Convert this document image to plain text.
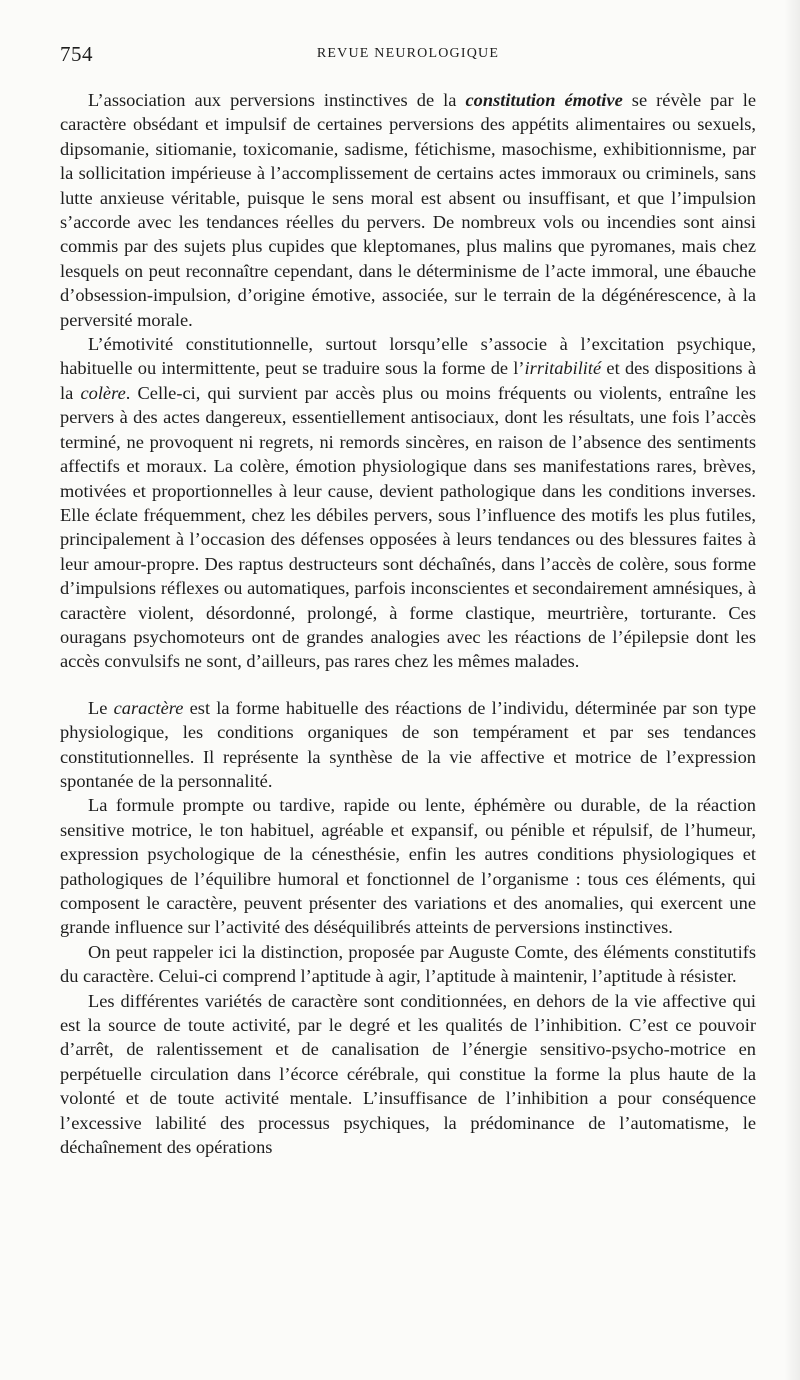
754	REVUE NEUROLOGIQUE

L’association aux perversions instinctives de la constitution émotive se révèle par le caractère obsédant et impulsif de certaines perversions des appétits alimentaires ou sexuels, dipsomanie, sitiomanie, toxicomanie, sadisme, fétichisme, masochisme, exhibitionnisme, par la sollicitation impérieuse à l’accomplissement de certains actes immoraux ou criminels, sans lutte anxieuse véritable, puisque le sens moral est absent ou insuffisant, et que l’impulsion s’accorde avec les tendances réelles du pervers. De nombreux vols ou incendies sont ainsi commis par des sujets plus cupides que kleptomanes, plus malins que pyromanes, mais chez lesquels on peut reconnaître cependant, dans le déterminisme de l’acte immoral, une ébauche d’obsession-impulsion, d’origine émotive, associée, sur le terrain de la dégénérescence, à la perversité morale.

L’émotivité constitutionnelle, surtout lorsqu’elle s’associe à l’excitation psychique, habituelle ou intermittente, peut se traduire sous la forme de l’irritabilité et des dispositions à la colère. Celle-ci, qui survient par accès plus ou moins fréquents ou violents, entraîne les pervers à des actes dangereux, essentiellement antisociaux, dont les résultats, une fois l’accès terminé, ne provoquent ni regrets, ni remords sincères, en raison de l’absence des sentiments affectifs et moraux. La colère, émotion physiologique dans ses manifestations rares, brèves, motivées et proportionnelles à leur cause, devient pathologique dans les conditions inverses. Elle éclate fréquemment, chez les débiles pervers, sous l’influence des motifs les plus futiles, principalement à l’occasion des défenses opposées à leurs tendances ou des blessures faites à leur amour-propre. Des raptus destructeurs sont déchaînés, dans l’accès de colère, sous forme d’impulsions réflexes ou automatiques, parfois inconscientes et secondairement amnésiques, à caractère violent, désordonné, prolongé, à forme clastique, meurtrière, torturante. Ces ouragans psychomoteurs ont de grandes analogies avec les réactions de l’épilepsie dont les accès convulsifs ne sont, d’ailleurs, pas rares chez les mêmes malades.

Le caractère est la forme habituelle des réactions de l’individu, déterminée par son type physiologique, les conditions organiques de son tempérament et par ses tendances constitutionnelles. Il représente la synthèse de la vie affective et motrice de l’expression spontanée de la personnalité.

La formule prompte ou tardive, rapide ou lente, éphémère ou durable, de la réaction sensitive motrice, le ton habituel, agréable et expansif, ou pénible et répulsif, de l’humeur, expression psychologique de la cénesthésie, enfin les autres conditions physiologiques et pathologiques de l’équilibre humoral et fonctionnel de l’organisme : tous ces éléments, qui composent le caractère, peuvent présenter des variations et des anomalies, qui exercent une grande influence sur l’activité des déséquilibrés atteints de perversions instinctives.

On peut rappeler ici la distinction, proposée par Auguste Comte, des éléments constitutifs du caractère. Celui-ci comprend l’aptitude à agir, l’aptitude à maintenir, l’aptitude à résister.

Les différentes variétés de caractère sont conditionnées, en dehors de la vie affective qui est la source de toute activité, par le degré et les qualités de l’inhibition. C’est ce pouvoir d’arrêt, de ralentissement et de canalisation de l’énergie sensitivo-psycho-motrice en perpétuelle circulation dans l’écorce cérébrale, qui constitue la forme la plus haute de la volonté et de toute activité mentale. L’insuffisance de l’inhibition a pour conséquence l’excessive labilité des processus psychiques, la prédominance de l’automatisme, le déchaînement des opérations
